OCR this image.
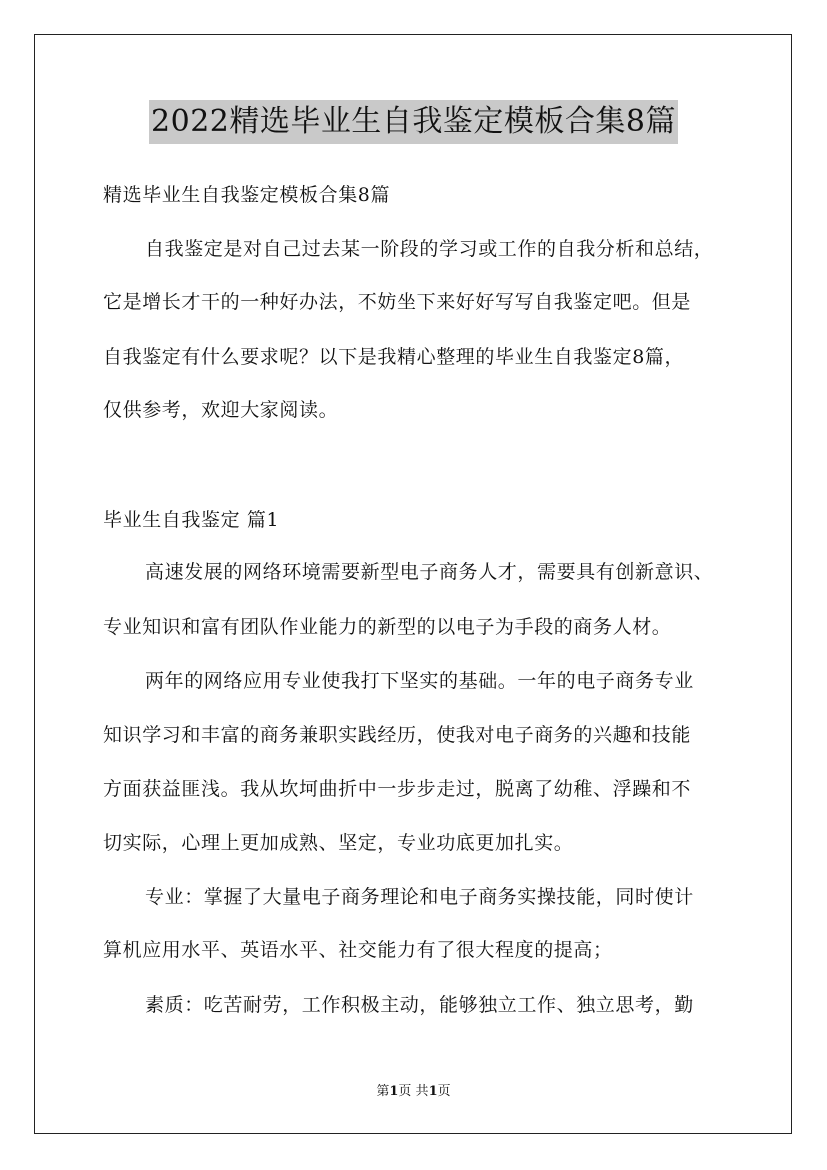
2022精选毕业生自我鉴定模板合集8篇
精选毕业生自我鉴定模板合集8篇
自我鉴定是对自己过去某一阶段的学习或工作的自我分析和总结，
它是增长才干的一种好办法，不妨坐下来好好写写自我鉴定吧。但是
自我鉴定有什么要求呢？以下是我精心整理的毕业生自我鉴定8篇，
仅供参考，欢迎大家阅读。
毕业生自我鉴定 篇1
高速发展的网络环境需要新型电子商务人才，需要具有创新意识、
专业知识和富有团队作业能力的新型的以电子为手段的商务人材。
两年的网络应用专业使我打下坚实的基础。一年的电子商务专业
知识学习和丰富的商务兼职实践经历，使我对电子商务的兴趣和技能
方面获益匪浅。我从坎坷曲折中一步步走过，脱离了幼稚、浮躁和不
切实际，心理上更加成熟、坚定，专业功底更加扎实。
专业：掌握了大量电子商务理论和电子商务实操技能，同时使计
算机应用水平、英语水平、社交能力有了很大程度的提高；
素质：吃苦耐劳，工作积极主动，能够独立工作、独立思考，勤
第1页 共1页
